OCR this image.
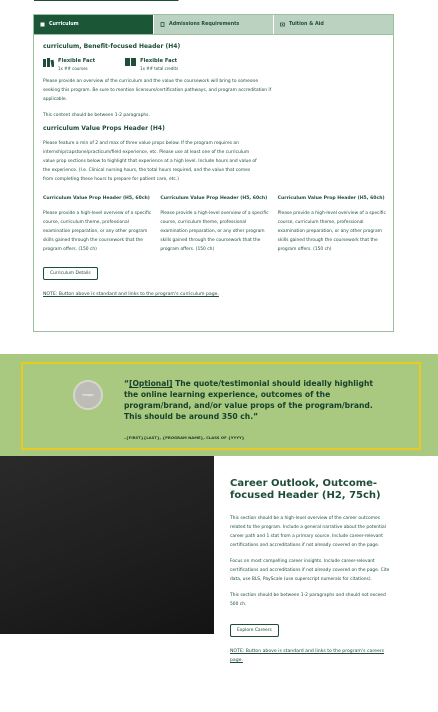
Curriculum	Admissions Requirements	Tuition & Aid
curriculum, Benefit-focused Header (H4)
Flexible Fact
1x ## courses
Flexible Fact
1x ## total credits

Please provide an overview of the curriculum and the value the coursework will bring to someone seeking this program. Be sure to mention licensure/certification pathways, and program accreditation if applicable.

This content should be between 1-2 paragraphs.

curriculum Value Props Header (H4)

Please feature a min of 2 and max of three value props below. If the program requires an internship/capstone/practicum/field experience, etc. Please use at least one of the curriculum value prop sections below to highlight that experience at a high level. Include hours and value of the experience. (I.e. Clinical nursing hours, the total hours required, and the value that comes from completing these hours to prepare for patient care, etc.)

Curriculum Value Prop Header (H5, 60ch)
Please provide a high-level overview of a specific course, curriculum theme, professional examination preparation, or any other program skills gained through the coursework that the program offers. (150 ch)
Curriculum Value Prop Header (H5, 60ch)
Please provide a high-level overview of a specific course, curriculum theme, professional examination preparation, or any other program skills gained through the coursework that the program offers. (150 ch)
Curriculum Value Prop Header (H5, 60ch)
Please provide a high-level overview of a specific course, curriculum theme, professional examination preparation, or any other program skills gained through the coursework that the program offers. (150 ch)
Curriculum Details
NOTE: Button above is standard and links to the program's curriculum page.
Image
“[Optional] The quote/testimonial should ideally highlight the online learning experience, outcomes of the program/brand, and/or value props of the program/brand. This should be around 350 ch.”
–{FIRST}{LAST}, {PROGRAM NAME}, CLASS OF {YYYY}
Career Outlook, Outcome-focused Header (H2, 75ch)

This section should be a high-level overview of the career outcomes related to the program. Include a general narrative about the potential career path and 1 stat from a primary source. Include career-relevant certifications and accreditations if not already covered on the page.

Focus on most compelling career insights. Include career-relevant certifications and accreditations if not already covered on the page. Cite data, use BLS, PayScale (use superscript numerals for citations).

This section should be between 1-2 paragraphs and should not exceed 500 ch.

Explore Careers
NOTE: Button above is standard and links to the program's careers page.
